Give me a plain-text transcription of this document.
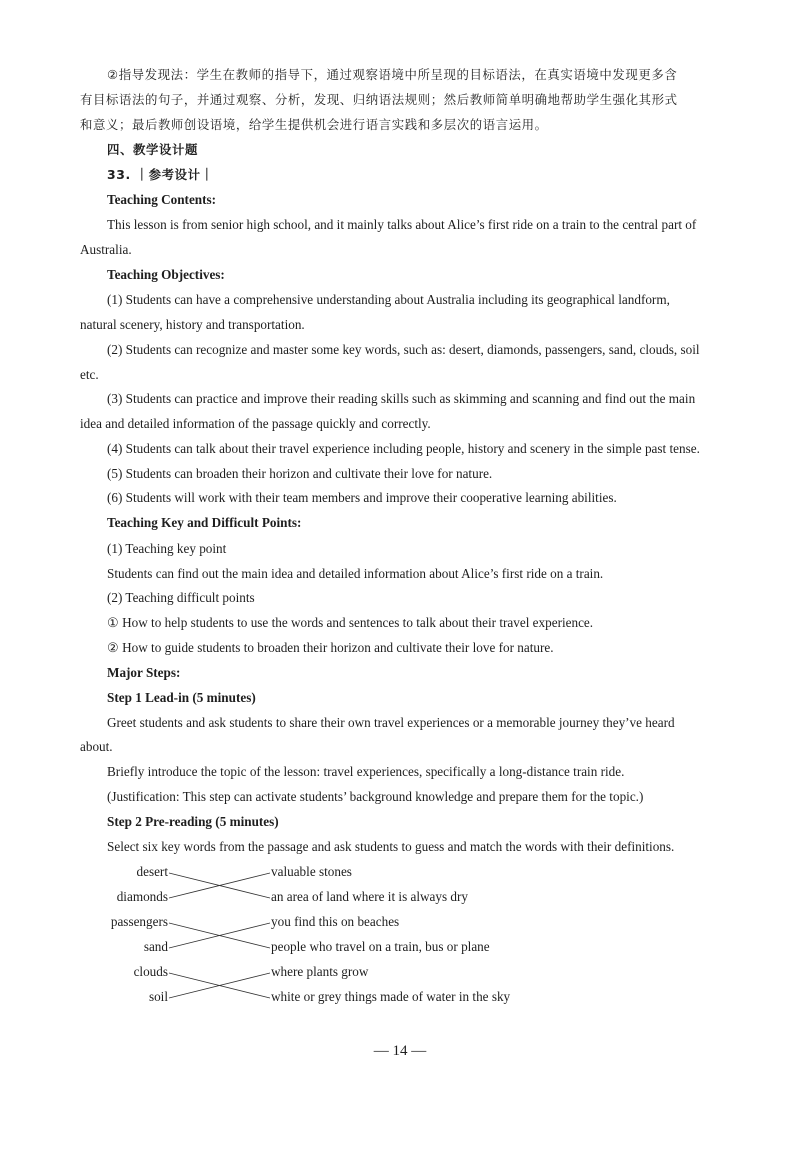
②指导发现法：学生在教师的指导下，通过观察语境中所呈现的目标语法，在真实语境中发现更多含
有目标语法的句子，并通过观察、分析，发现、归纳语法规则；然后教师简单明确地帮助学生强化其形式
和意义；最后教师创设语境，给学生提供机会进行语言实践和多层次的语言运用。
四、教学设计题
33. ｜参考设计｜
Teaching Contents:
This lesson is from senior high school, and it mainly talks about Alice’s first ride on a train to the central part of
Australia.
Teaching Objectives:
(1) Students can have a comprehensive understanding about Australia including its geographical landform,
natural scenery, history and transportation.
(2) Students can recognize and master some key words, such as: desert, diamonds, passengers, sand, clouds, soil
etc.
(3) Students can practice and improve their reading skills such as skimming and scanning and find out the main
idea and detailed information of the passage quickly and correctly.
(4) Students can talk about their travel experience including people, history and scenery in the simple past tense.
(5) Students can broaden their horizon and cultivate their love for nature.
(6) Students will work with their team members and improve their cooperative learning abilities.
Teaching Key and Difficult Points:
(1) Teaching key point
Students can find out the main idea and detailed information about Alice’s first ride on a train.
(2) Teaching difficult points
① How to help students to use the words and sentences to talk about their travel experience.
② How to guide students to broaden their horizon and cultivate their love for nature.
Major Steps:
Step 1 Lead-in (5 minutes)
Greet students and ask students to share their own travel experiences or a memorable journey they’ve heard
about.
Briefly introduce the topic of the lesson: travel experiences, specifically a long-distance train ride.
(Justification: This step can activate students’ background knowledge and prepare them for the topic.)
Step 2 Pre-reading (5 minutes)
Select six key words from the passage and ask students to guess and match the words with their definitions.
desert
diamonds
passengers
sand
clouds
soil
valuable stones
an area of land where it is always dry
you find this on beaches
people who travel on a train, bus or plane
where plants grow
white or grey things made of water in the sky
— 14 —
